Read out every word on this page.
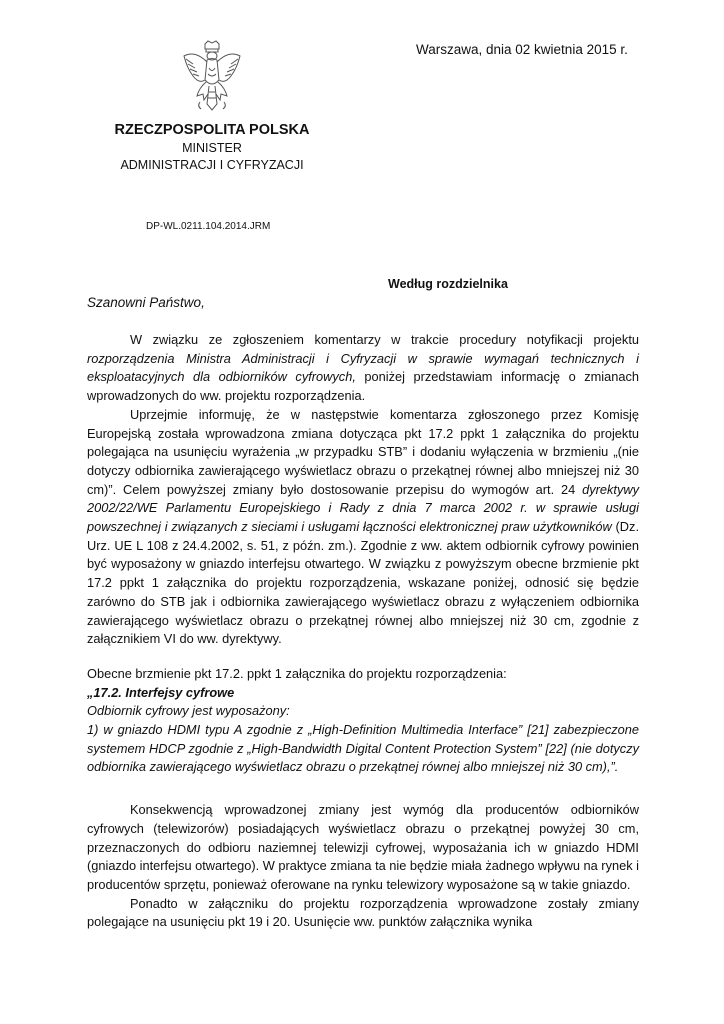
Warszawa, dnia 02 kwietnia 2015 r.
RZECZPOSPOLITA POLSKA
MINISTER
ADMINISTRACJI I CYFRYZACJI
DP-WL.0211.104.2014.JRM
Według rozdzielnika
Szanowni Państwo,

W związku ze zgłoszeniem komentarzy w trakcie procedury notyfikacji projektu rozporządzenia Ministra Administracji i Cyfryzacji w sprawie wymagań technicznych i eksploatacyjnych dla odbiorników cyfrowych, poniżej przedstawiam informację o zmianach wprowadzonych do ww. projektu rozporządzenia.

Uprzejmie informuję, że w następstwie komentarza zgłoszonego przez Komisję Europejską została wprowadzona zmiana dotycząca pkt 17.2 ppkt 1 załącznika do projektu polegająca na usunięciu wyrażenia „w przypadku STB” i dodaniu wyłączenia w brzmieniu „(nie dotyczy odbiornika zawierającego wyświetlacz obrazu o przekątnej równej albo mniejszej niż 30 cm)”. Celem powyższej zmiany było dostosowanie przepisu do wymogów art. 24 dyrektywy 2002/22/WE Parlamentu Europejskiego i Rady z dnia 7 marca 2002 r. w sprawie usługi powszechnej i związanych z sieciami i usługami łączności elektronicznej praw użytkowników (Dz. Urz. UE L 108 z 24.4.2002, s. 51, z późn. zm.). Zgodnie z ww. aktem odbiornik cyfrowy powinien być wyposażony w gniazdo interfejsu otwartego. W związku z powyższym obecne brzmienie pkt 17.2 ppkt 1 załącznika do projektu rozporządzenia, wskazane poniżej, odnosić się będzie zarówno do STB jak i odbiornika zawierającego wyświetlacz obrazu z wyłączeniem odbiornika zawierającego wyświetlacz obrazu o przekątnej równej albo mniejszej niż 30 cm, zgodnie z załącznikiem VI do ww. dyrektywy.

Obecne brzmienie pkt 17.2. ppkt 1 załącznika do projektu rozporządzenia:

„17.2. Interfejsy cyfrowe

Odbiornik cyfrowy jest wyposażony:

1) w gniazdo HDMI typu A zgodnie z „High-Definition Multimedia Interface” [21] zabezpieczone systemem HDCP zgodnie z „High-Bandwidth Digital Content Protection System” [22] (nie dotyczy odbiornika zawierającego wyświetlacz obrazu o przekątnej równej albo mniejszej niż 30 cm),”.

Konsekwencją wprowadzonej zmiany jest wymóg dla producentów odbiorników cyfrowych (telewizorów) posiadających wyświetlacz obrazu o przekątnej powyżej 30 cm, przeznaczonych do odbioru naziemnej telewizji cyfrowej, wyposażania ich w gniazdo HDMI (gniazdo interfejsu otwartego). W praktyce zmiana ta nie będzie miała żadnego wpływu na rynek i producentów sprzętu, ponieważ oferowane na rynku telewizory wyposażone są w takie gniazdo.

Ponadto w załączniku do projektu rozporządzenia wprowadzone zostały zmiany polegające na usunięciu pkt 19 i 20. Usunięcie ww. punktów załącznika wynika
